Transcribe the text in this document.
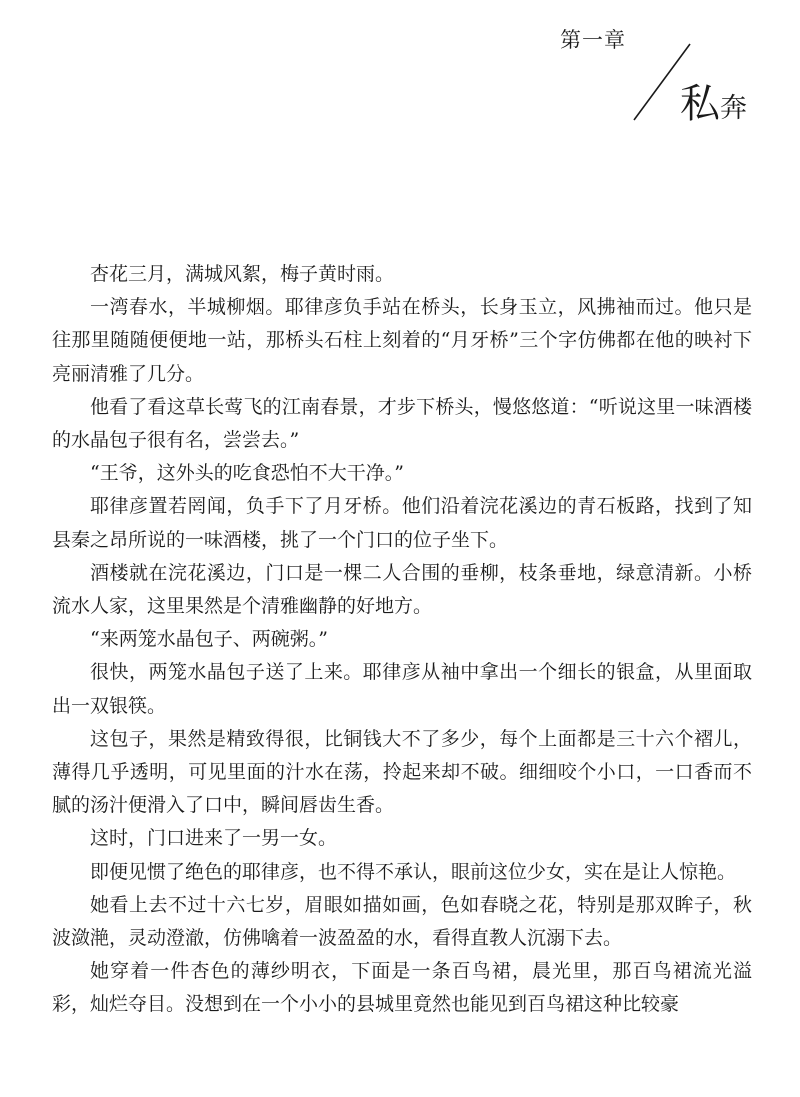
第一章
私奔

杏花三月，满城风絮，梅子黄时雨。

一湾春水，半城柳烟。耶律彦负手站在桥头，长身玉立，风拂袖而过。他只是往那里随随便便地一站，那桥头石柱上刻着的“月牙桥”三个字仿佛都在他的映衬下亮丽清雅了几分。

他看了看这草长莺飞的江南春景，才步下桥头，慢悠悠道：“听说这里一味酒楼的水晶包子很有名，尝尝去。”

“王爷，这外头的吃食恐怕不大干净。”

耶律彦置若罔闻，负手下了月牙桥。他们沿着浣花溪边的青石板路，找到了知县秦之昂所说的一味酒楼，挑了一个门口的位子坐下。

酒楼就在浣花溪边，门口是一棵二人合围的垂柳，枝条垂地，绿意清新。小桥流水人家，这里果然是个清雅幽静的好地方。

“来两笼水晶包子、两碗粥。”

很快，两笼水晶包子送了上来。耶律彦从袖中拿出一个细长的银盒，从里面取出一双银筷。

这包子，果然是精致得很，比铜钱大不了多少，每个上面都是三十六个褶儿，薄得几乎透明，可见里面的汁水在荡，拎起来却不破。细细咬个小口，一口香而不腻的汤汁便滑入了口中，瞬间唇齿生香。

这时，门口进来了一男一女。

即便见惯了绝色的耶律彦，也不得不承认，眼前这位少女，实在是让人惊艳。

她看上去不过十六七岁，眉眼如描如画，色如春晓之花，特别是那双眸子，秋波潋滟，灵动澄澈，仿佛噙着一波盈盈的水，看得直教人沉溺下去。

她穿着一件杏色的薄纱明衣，下面是一条百鸟裙，晨光里，那百鸟裙流光溢彩，灿烂夺目。没想到在一个小小的县城里竟然也能见到百鸟裙这种比较豪
